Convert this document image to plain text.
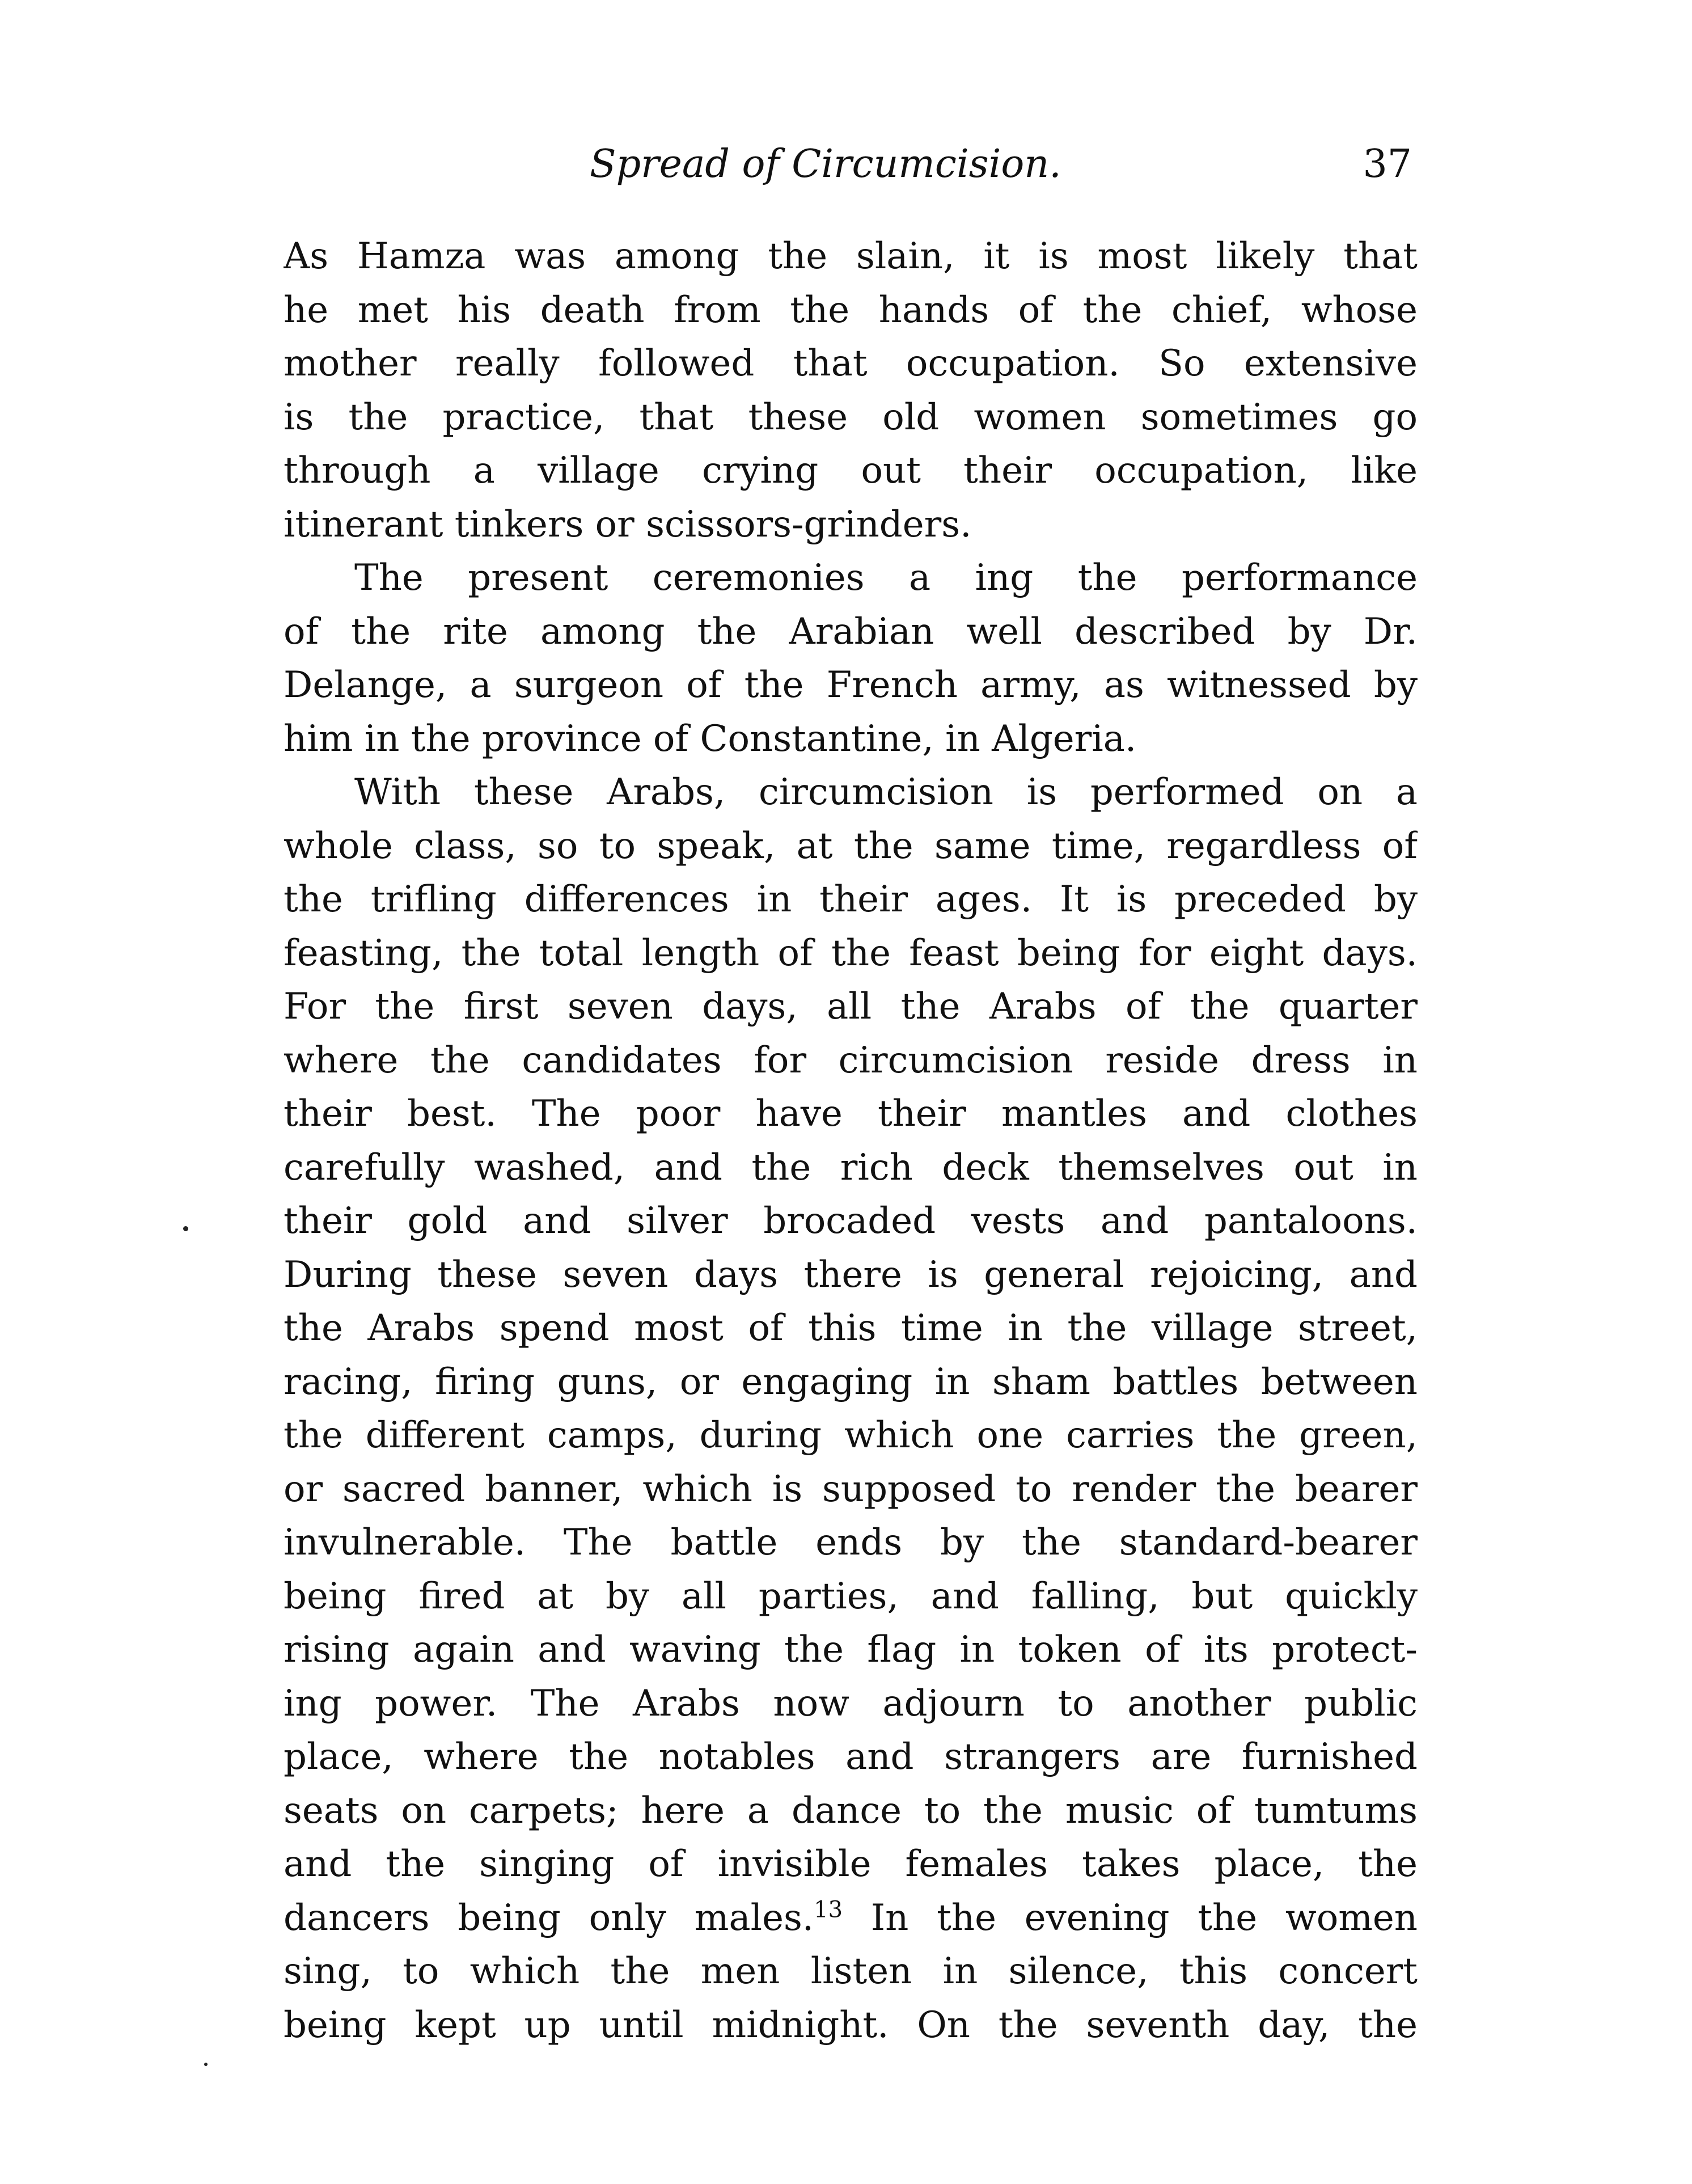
Spread of Circumcision.	37
As Hamza was among the slain, it is most likely that
he met his death from the hands of the chief, whose
mother really followed that occupation. So extensive
is the practice, that these old women sometimes go
through a village crying out their occupation, like
itinerant tinkers or scissors-grinders.
The present ceremonies a ing the performance
of the rite among the Arabian well described by Dr.
Delange, a surgeon of the French army, as witnessed by
him in the province of Constantine, in Algeria.
With these Arabs, circumcision is performed on a
whole class, so to speak, at the same time, regardless of
the trifling differences in their ages. It is preceded by
feasting, the total length of the feast being for eight days.
For the first seven days, all the Arabs of the quarter
where the candidates for circumcision reside dress in
their best. The poor have their mantles and clothes
carefully washed, and the rich deck themselves out in
their gold and silver brocaded vests and pantaloons.
During these seven days there is general rejoicing, and
the Arabs spend most of this time in the village street,
racing, firing guns, or engaging in sham battles between
the different camps, during which one carries the green,
or sacred banner, which is supposed to render the bearer
invulnerable. The battle ends by the standard-bearer
being fired at by all parties, and falling, but quickly
rising again and waving the flag in token of its protect-
ing power. The Arabs now adjourn to another public
place, where the notables and strangers are furnished
seats on carpets; here a dance to the music of tumtums
and the singing of invisible females takes place, the
dancers being only males.$^{13}$ In the evening the women
sing, to which the men listen in silence, this concert
being kept up until midnight. On the seventh day, the
